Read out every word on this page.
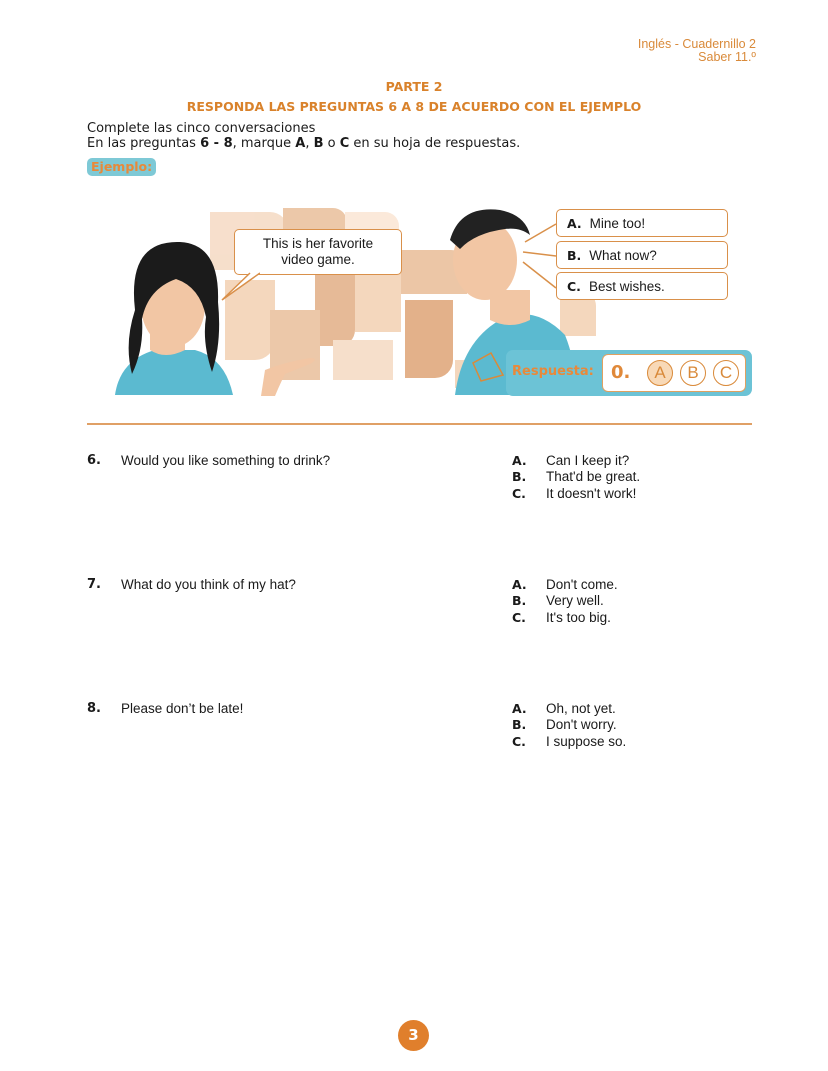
Inglés - Cuadernillo 2
Saber 11.º
PARTE 2
RESPONDA LAS PREGUNTAS 6 A 8 DE ACUERDO CON EL EJEMPLO
Complete las cinco conversaciones
En las preguntas 6 - 8, marque A, B o C en su hoja de respuestas.
Ejemplo:
This is her favorite
video game.
A. Mine too!
B. What now?
C. Best wishes.
Respuesta: 0.	A	B	C
6. Would you like something to drink?	A. Can I keep it?
B. That'd be great.
C. It doesn't work!
7. What do you think of my hat?	A. Don't come.
B. Very well.
C. It's too big.
8. Please don’t be late!	A. Oh, not yet.
B. Don't worry.
C. I suppose so.
3
